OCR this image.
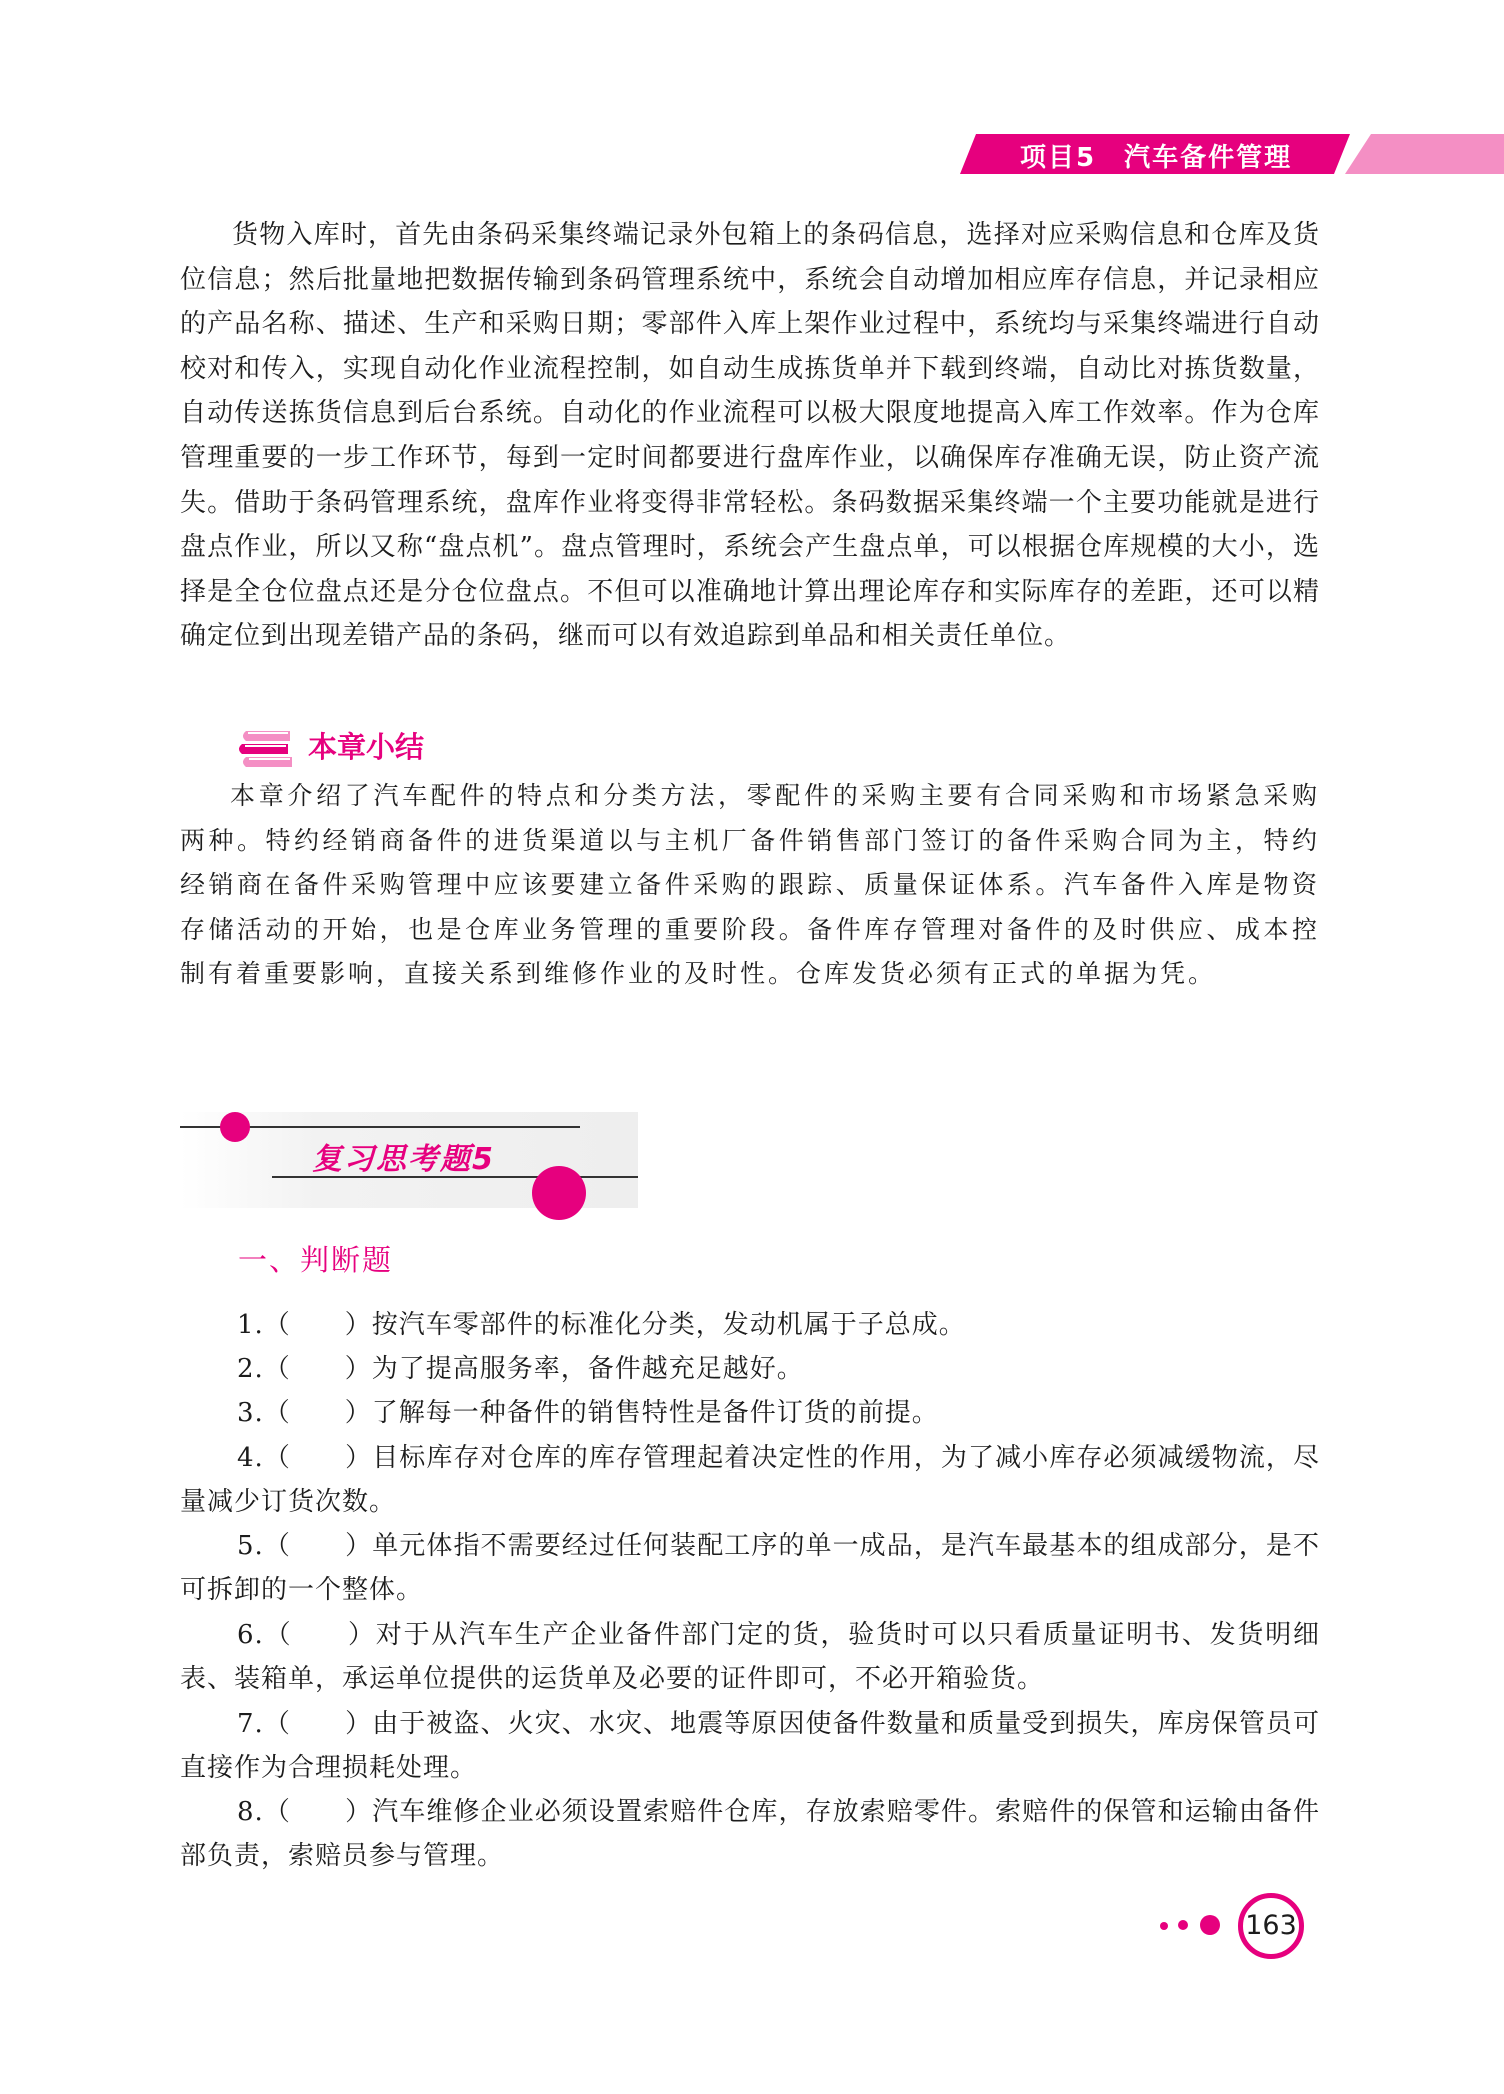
项目5　汽车备件管理

货物入库时，首先由条码采集终端记录外包箱上的条码信息，选择对应采购信息和仓库及货位信息；然后批量地把数据传输到条码管理系统中，系统会自动增加相应库存信息，并记录相应的产品名称、描述、生产和采购日期；零部件入库上架作业过程中，系统均与采集终端进行自动校对和传入，实现自动化作业流程控制，如自动生成拣货单并下载到终端，自动比对拣货数量，自动传送拣货信息到后台系统。自动化的作业流程可以极大限度地提高入库工作效率。作为仓库管理重要的一步工作环节，每到一定时间都要进行盘库作业，以确保库存准确无误，防止资产流失。借助于条码管理系统，盘库作业将变得非常轻松。条码数据采集终端一个主要功能就是进行盘点作业，所以又称“盘点机”。盘点管理时，系统会产生盘点单，可以根据仓库规模的大小，选择是全仓位盘点还是分仓位盘点。不但可以准确地计算出理论库存和实际库存的差距，还可以精确定位到出现差错产品的条码，继而可以有效追踪到单品和相关责任单位。

本章小结

本章介绍了汽车配件的特点和分类方法，零配件的采购主要有合同采购和市场紧急采购两种。特约经销商备件的进货渠道以与主机厂备件销售部门签订的备件采购合同为主，特约经销商在备件采购管理中应该要建立备件采购的跟踪、质量保证体系。汽车备件入库是物资存储活动的开始，也是仓库业务管理的重要阶段。备件库存管理对备件的及时供应、成本控制有着重要影响，直接关系到维修作业的及时性。仓库发货必须有正式的单据为凭。

复习思考题5
一、判断题

1.（　　）按汽车零部件的标准化分类，发动机属于子总成。

2.（　　）为了提高服务率，备件越充足越好。

3.（　　）了解每一种备件的销售特性是备件订货的前提。

4.（　　）目标库存对仓库的库存管理起着决定性的作用，为了减小库存必须减缓物流，尽量减少订货次数。

5.（　　）单元体指不需要经过任何装配工序的单一成品，是汽车最基本的组成部分，是不可拆卸的一个整体。

6.（　　）对于从汽车生产企业备件部门定的货，验货时可以只看质量证明书、发货明细表、装箱单，承运单位提供的运货单及必要的证件即可，不必开箱验货。

7.（　　）由于被盗、火灾、水灾、地震等原因使备件数量和质量受到损失，库房保管员可直接作为合理损耗处理。

8.（　　）汽车维修企业必须设置索赔件仓库，存放索赔零件。索赔件的保管和运输由备件部负责，索赔员参与管理。

163
